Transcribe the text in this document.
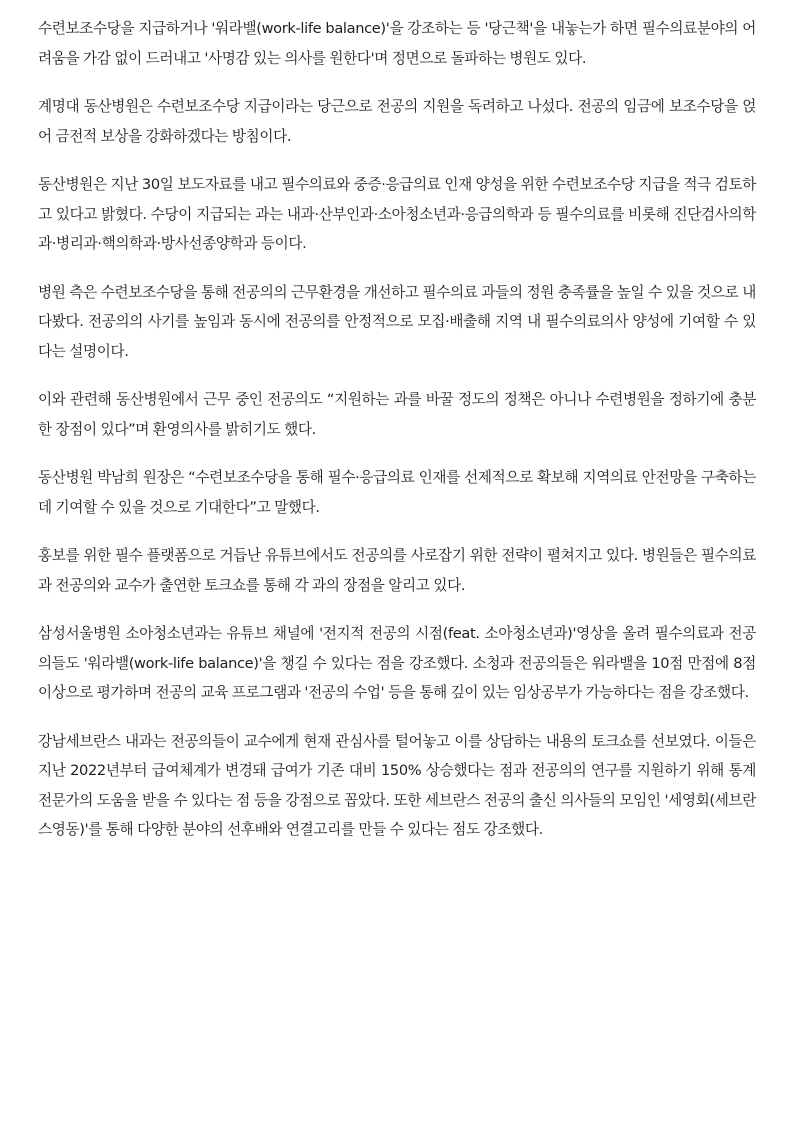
수련보조수당을 지급하거나 '워라밸(work-life balance)'을 강조하는 등 '당근책'을 내놓는가 하면 필수의료분야의 어려움을 가감 없이 드러내고 '사명감 있는 의사를 원한다'며 정면으로 돌파하는 병원도 있다.

계명대 동산병원은 수련보조수당 지급이라는 당근으로 전공의 지원을 독려하고 나섰다. 전공의 임금에 보조수당을 얹어 금전적 보상을 강화하겠다는 방침이다.

동산병원은 지난 30일 보도자료를 내고 필수의료와 중증·응급의료 인재 양성을 위한 수련보조수당 지급을 적극 검토하고 있다고 밝혔다. 수당이 지급되는 과는 내과·산부인과·소아청소년과·응급의학과 등 필수의료를 비롯해 진단검사의학과·병리과·핵의학과·방사선종양학과 등이다.

병원 측은 수련보조수당을 통해 전공의의 근무환경을 개선하고 필수의료 과들의 정원 충족률을 높일 수 있을 것으로 내다봤다. 전공의의 사기를 높임과 동시에 전공의를 안정적으로 모집·배출해 지역 내 필수의료의사 양성에 기여할 수 있다는 설명이다.

이와 관련해 동산병원에서 근무 중인 전공의도 “지원하는 과를 바꿀 정도의 정책은 아니나 수련병원을 정하기에 충분한 장점이 있다”며 환영의사를 밝히기도 했다.

동산병원 박남희 원장은 “수련보조수당을 통해 필수·응급의료 인재를 선제적으로 확보해 지역의료 안전망을 구축하는 데 기여할 수 있을 것으로 기대한다”고 말했다.

홍보를 위한 필수 플랫폼으로 거듭난 유튜브에서도 전공의를 사로잡기 위한 전략이 펼쳐지고 있다. 병원들은 필수의료과 전공의와 교수가 출연한 토크쇼를 통해 각 과의 장점을 알리고 있다.

삼성서울병원 소아청소년과는 유튜브 채널에 '전지적 전공의 시점(feat. 소아청소년과)'영상을 올려 필수의료과 전공의들도 '워라밸(work-life balance)'을 챙길 수 있다는 점을 강조했다. 소청과 전공의들은 워라밸을 10점 만점에 8점 이상으로 평가하며 전공의 교육 프로그램과 '전공의 수업' 등을 통해 깊이 있는 임상공부가 가능하다는 점을 강조했다.

강남세브란스 내과는 전공의들이 교수에게 현재 관심사를 털어놓고 이를 상담하는 내용의 토크쇼를 선보였다. 이들은 지난 2022년부터 급여체계가 변경돼 급여가 기존 대비 150% 상승했다는 점과 전공의의 연구를 지원하기 위해 통계 전문가의 도움을 받을 수 있다는 점 등을 강점으로 꼽았다. 또한 세브란스 전공의 출신 의사들의 모임인 '세영회(세브란스영동)'를 통해 다양한 분야의 선후배와 연결고리를 만들 수 있다는 점도 강조했다.
